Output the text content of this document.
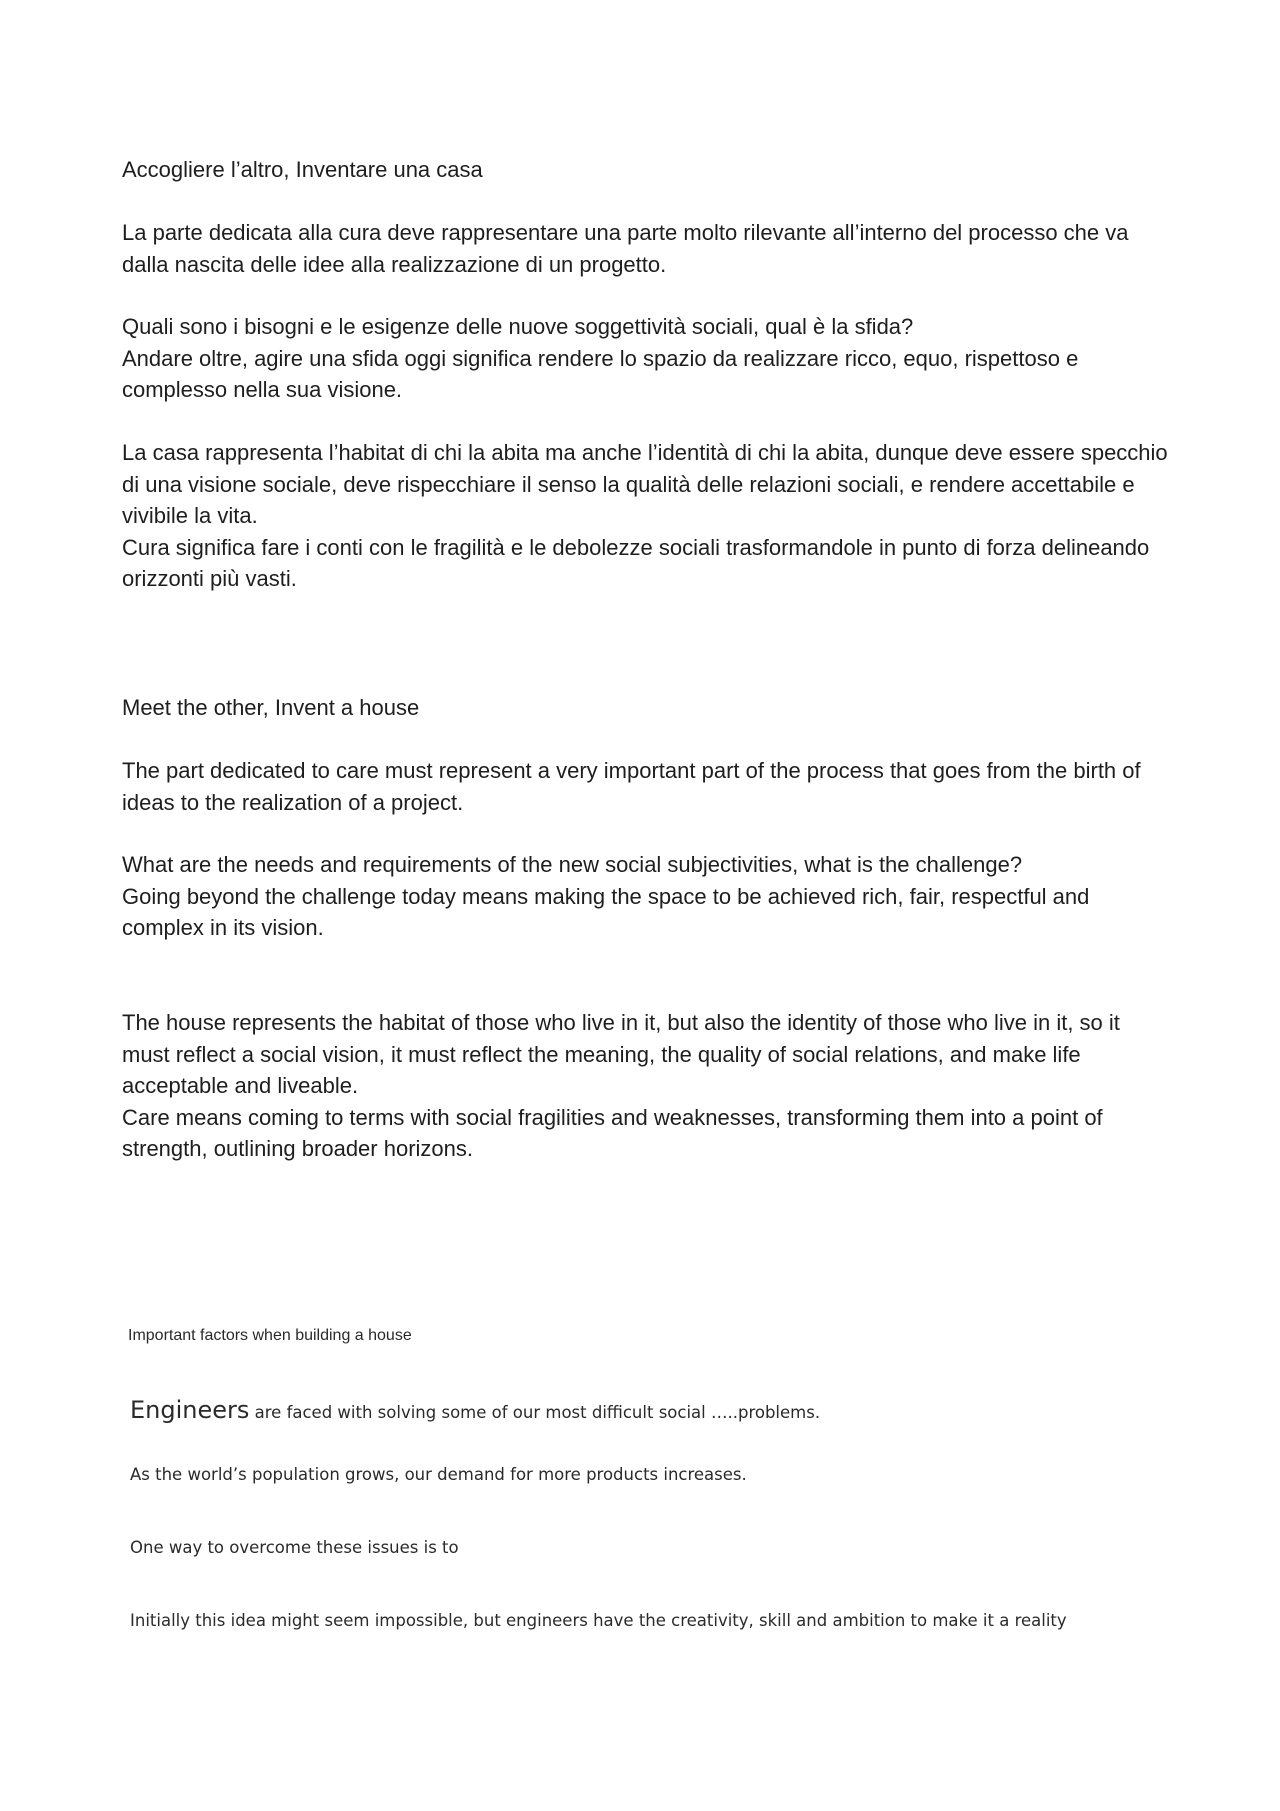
Accogliere l’altro, Inventare una casa

La parte dedicata alla cura deve rappresentare una parte molto rilevante all’interno del processo che va dalla nascita delle idee alla realizzazione di un progetto.

Quali sono i bisogni e le esigenze delle nuove soggettività sociali, qual è la sfida?

Andare oltre, agire una sfida oggi significa rendere lo spazio da realizzare ricco, equo, rispettoso e complesso nella sua visione.

La casa rappresenta l’habitat di chi la abita ma anche l’identità di chi la abita, dunque deve essere specchio di una visione sociale, deve rispecchiare il senso la qualità delle relazioni sociali, e rendere accettabile e vivibile la vita.

Cura significa fare i conti con le fragilità e le debolezze sociali trasformandole in punto di forza delineando orizzonti più vasti.

Meet the other, Invent a house

The part dedicated to care must represent a very important part of the process that goes from the birth of ideas to the realization of a project.

What are the needs and requirements of the new social subjectivities, what is the challenge?

Going beyond the challenge today means making the space to be achieved rich, fair, respectful and complex in its vision.

The house represents the habitat of those who live in it, but also the identity of those who live in it, so it must reflect a social vision, it must reflect the meaning, the quality of social relations, and make life acceptable and liveable.

Care means coming to terms with social fragilities and weaknesses, transforming them into a point of strength, outlining broader horizons.

Important factors when building a house

Engineers are faced with solving some of our most difficult social …..problems.

As the world’s population grows, our demand for more products increases.

One way to overcome these issues is to

Initially this idea might seem impossible, but engineers have the creativity, skill and ambition to make it a reality
